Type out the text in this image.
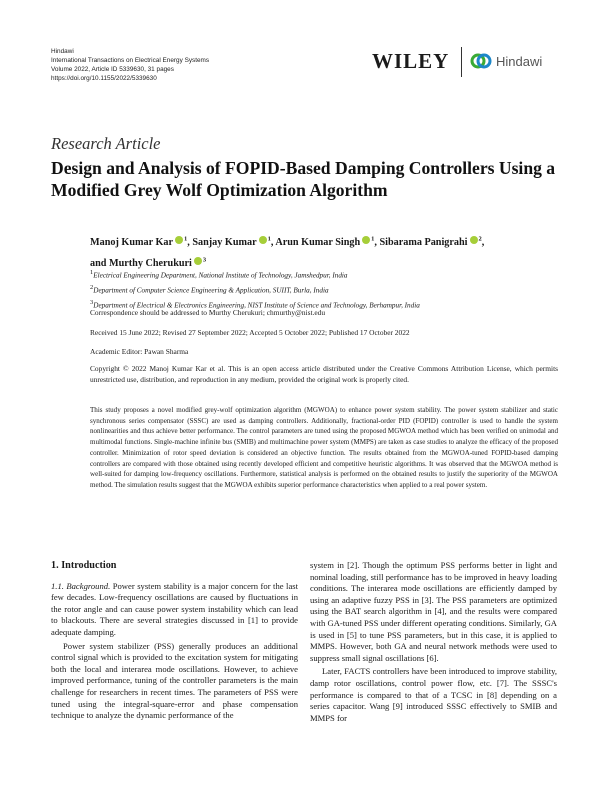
Hindawi
International Transactions on Electrical Energy Systems
Volume 2022, Article ID 5339630, 31 pages
https://doi.org/10.1155/2022/5339630
WILEY	Hindawi
Research Article
Design and Analysis of FOPID-Based Damping Controllers Using a Modified Grey Wolf Optimization Algorithm
Manoj Kumar Kar $^1$, Sanjay Kumar $^1$, Arun Kumar Singh $^1$, Sibarama Panigrahi $^2$,
and Murthy Cherukuri $^3$
1Electrical Engineering Department, National Institute of Technology, Jamshedpur, India
2Department of Computer Science Engineering & Application, SUIIT, Burla, India
3Department of Electrical & Electronics Engineering, NIST Institute of Science and Technology, Berhampur, India
Correspondence should be addressed to Murthy Cherukuri; chmurthy@nist.edu
Received 15 June 2022; Revised 27 September 2022; Accepted 5 October 2022; Published 17 October 2022
Academic Editor: Pawan Sharma
Copyright © 2022 Manoj Kumar Kar et al. This is an open access article distributed under the Creative Commons Attribution License, which permits unrestricted use, distribution, and reproduction in any medium, provided the original work is properly cited.
This study proposes a novel modified grey-wolf optimization algorithm (MGWOA) to enhance power system stability. The power system stabilizer and static synchronous series compensator (SSSC) are used as damping controllers. Additionally, fractional-order PID (FOPID) controller is used to handle the system nonlinearities and thus achieve better performance. The control parameters are tuned using the proposed MGWOA method which has been verified on unimodal and multimodal functions. Single-machine infinite bus (SMIB) and multimachine power system (MMPS) are taken as case studies to analyze the efficacy of the proposed controller. Minimization of rotor speed deviation is considered an objective function. The results obtained from the MGWOA-tuned FOPID-based damping controllers are compared with those obtained using recently developed efficient and competitive heuristic algorithms. It was observed that the MGWOA method is well-suited for damping low-frequency oscillations. Furthermore, statistical analysis is performed on the obtained results to justify the superiority of the MGWOA method. The simulation results suggest that the MGWOA exhibits superior performance characteristics when applied to a real power system.
1. Introduction

1.1. Background. Power system stability is a major concern for the last few decades. Low-frequency oscillations are caused by fluctuations in the rotor angle and can cause power system instability which can lead to blackouts. There are several strategies discussed in [1] to provide adequate damping.

Power system stabilizer (PSS) generally produces an additional control signal which is provided to the excitation system for mitigating both the local and interarea mode oscillations. However, to achieve improved performance, tuning of the controller parameters is the main challenge for researchers in recent times. The parameters of PSS were tuned using the integral-square-error and phase compensation technique to analyze the dynamic performance of the

system in [2]. Though the optimum PSS performs better in light and nominal loading, still performance has to be improved in heavy loading conditions. The interarea mode oscillations are efficiently damped by using an adaptive fuzzy PSS in [3]. The PSS parameters are optimized using the BAT search algorithm in [4], and the results were compared with GA-tuned PSS under different operating conditions. Similarly, GA is used in [5] to tune PSS parameters, but in this case, it is applied to MMPS. However, both GA and neural network methods were used to suppress small signal oscillations [6].

Later, FACTS controllers have been introduced to improve stability, damp rotor oscillations, control power flow, etc. [7]. The SSSC's performance is compared to that of a TCSC in [8] depending on a series capacitor. Wang [9] introduced SSSC effectively to SMIB and MMPS for
